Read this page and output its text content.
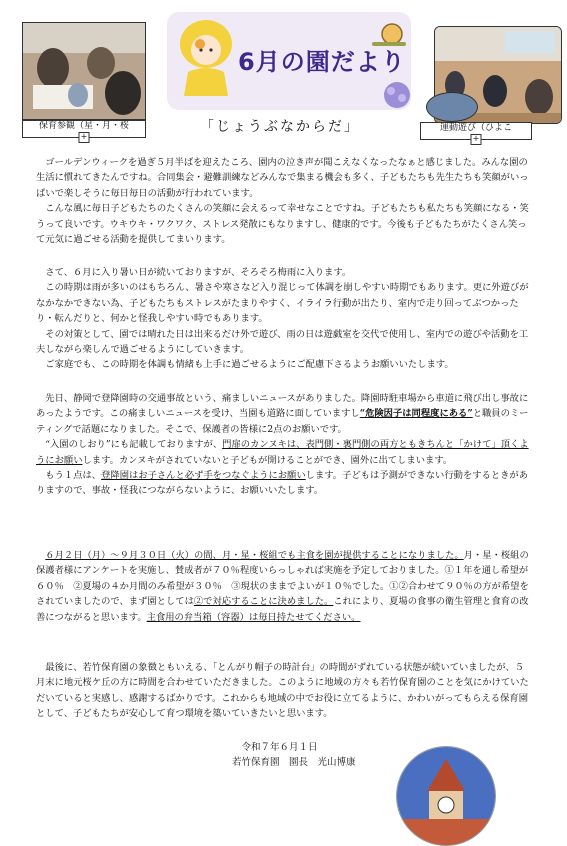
保育参観（星・月・桜
+
6月の園だより
「じょうぶなからだ」	運動遊び（ひよこ
+

ゴールデンウィークを過ぎ５月半ばを迎えたころ、園内の泣き声が聞こえなくなったなぁと感じました。みんな園の生活に慣れてきたんですね。合同集会・避難訓練などみんなで集まる機会も多く、子どもたちも先生たちも笑顔がいっぱいで楽しそうに毎日毎日の活動が行われています。

こんな風に毎日子どもたちのたくさんの笑顔に会えるって幸せなことですね。子どもたちも私たちも笑顔になる・笑うって良いです。ウキウキ・ワクワク、ストレス発散にもなりますし、健康的です。今後も子どもたちがたくさん笑って元気に過ごせる活動を提供してまいります。

さて、６月に入り暑い日が続いておりますが、そろそろ梅雨に入ります。

この時期は雨が多いのはもちろん、暑さや寒さなど入り混じって体調を崩しやすい時期でもあります。更に外遊びがなかなかできない為、子どもたちもストレスがたまりやすく、イライラ行動が出たり、室内で走り回ってぶつかったり・転んだりと、何かと怪我しやすい時でもあります。

その対策として、園では晴れた日は出来るだけ外で遊び、雨の日は遊戯室を交代で使用し、室内での遊びや活動を工夫しながら楽しんで過ごせるようにしていきます。

ご家庭でも、この時期を体調も情緒も上手に過ごせるようにご配慮下さるようお願いいたします。

先日、静岡で登降園時の交通事故という、痛ましいニュースがありました。降園時駐車場から車道に飛び出し事故にあったようです。この痛ましいニュースを受け、当園も道路に面していますし“危険因子は同程度にある”と職員のミーティングで話題になりました。そこで、保護者の皆様に2点のお願いです。

“入園のしおり”にも記載しておりますが、門扉のカンヌキは、表門側・裏門側の両方ともきちんと「かけて」頂くようにお願いします。カンヌキがされていないと子どもが開けることができ、園外に出てしまいます。

もう１点は、登降園はお子さんと必ず手をつなぐようにお願いします。子どもは予測ができない行動をするときがありますので、事故・怪我につながらないように、お願いいたします。

６月２日（月）～９月３０日（火）の間、月・星・桜組でも主食を園が提供することになりました。月・星・桜組の保護者様にアンケートを実施し、賛成者が７０％程度いらっしゃれば実施を予定しておりました。①１年を通し希望が６０％　②夏場の４か月間のみ希望が３０％　③現状のままでよいが１０％でした。①②合わせて９０％の方が希望をされていましたので、まず園としては②で対応することに決めました。これにより、夏場の食事の衛生管理と食育の改善につながると思います。主食用の弁当箱（容器）は毎日持たせてください。

最後に、若竹保育園の象徴ともいえる、「とんがり帽子の時計台」の時間がずれている状態が続いていましたが、５月末に地元桜ケ丘の方に時間を合わせていただきました。このように地域の方々も若竹保育園のことを気にかけていただいていると実感し、感謝するばかりです。これからも地域の中でお役に立てるように、かわいがってもらえる保育園として、子どもたちが安心して育つ環境を築いていきたいと思います。

令和７年６月１日
若竹保育園　園長　光山博康
